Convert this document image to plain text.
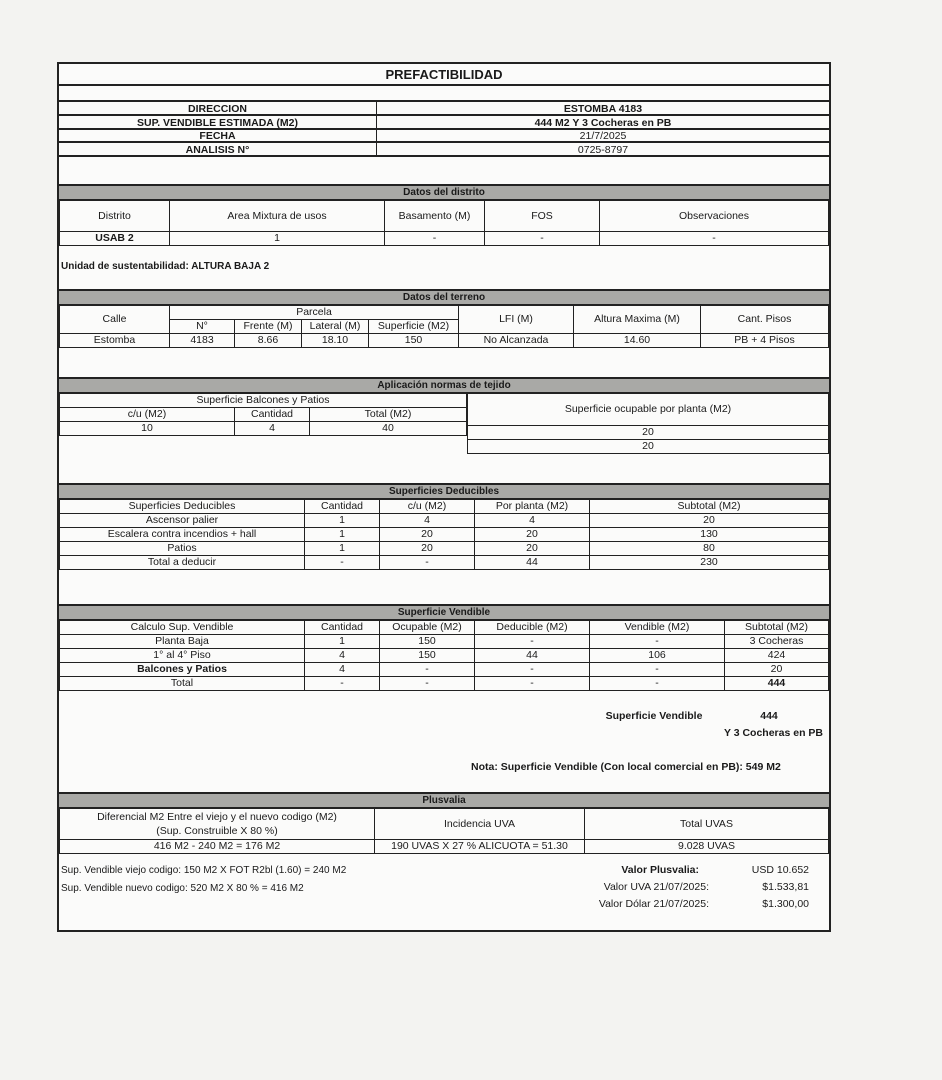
PREFACTIBILIDAD
DIRECCION	ESTOMBA 4183
SUP. VENDIBLE ESTIMADA (M2)	444 M2 Y 3 Cocheras en PB
FECHA	21/7/2025
ANALISIS N°	0725-8797
Datos del distrito
Distrito	Area Mixtura de usos	Basamento (M)	FOS	Observaciones
USAB 2	1	-	-	-
Unidad de sustentabilidad: ALTURA BAJA 2
Datos del terreno
Calle	Parcela				LFI (M)	Altura Maxima (M)	Cant. Pisos
	N°	Frente (M)	Lateral (M)	Superficie (M2)			
Estomba	4183	8.66	18.10	150	No Alcanzada	14.60	PB + 4 Pisos
Aplicación normas de tejido
Superficie Balcones y Patios		
c/u (M2)	Cantidad	Total (M2)
10	4	40
Superficie ocupable por planta (M2)
20
20
Superficies Deducibles
Superficies Deducibles	Cantidad	c/u (M2)	Por planta (M2)	Subtotal (M2)
Ascensor palier	1	4	4	20
Escalera contra incendios + hall	1	20	20	130
Patios	1	20	20	80
Total a deducir	-	-	44	230
Superficie Vendible
Calculo Sup. Vendible	Cantidad	Ocupable (M2)	Deducible (M2)	Vendible (M2)	Subtotal (M2)
Planta Baja	1	150	-	-	3 Cocheras
1° al 4° Piso	4	150	44	106	424
Balcones y Patios	4	-	-	-	20
Total	-	-	-	-	444
Superficie Vendible	444
Y 3 Cocheras en PB
Nota: Superficie Vendible (Con local comercial en PB): 549 M2
Plusvalia
Diferencial M2 Entre el viejo y el nuevo codigo (M2)
(Sup. Construible X 80 %)	Incidencia UVA	Total UVAS
416 M2 - 240 M2 = 176 M2	190 UVAS X 27 % ALICUOTA = 51.30	9.028 UVAS
Sup. Vendible viejo codigo: 150 M2 X FOT R2bl (1.60) = 240 M2
Sup. Vendible nuevo codigo: 520 M2 X 80 % = 416 M2
Valor Plusvalia:	USD 10.652
Valor UVA 21/07/2025:	$1.533,81
Valor Dólar 21/07/2025:	$1.300,00
